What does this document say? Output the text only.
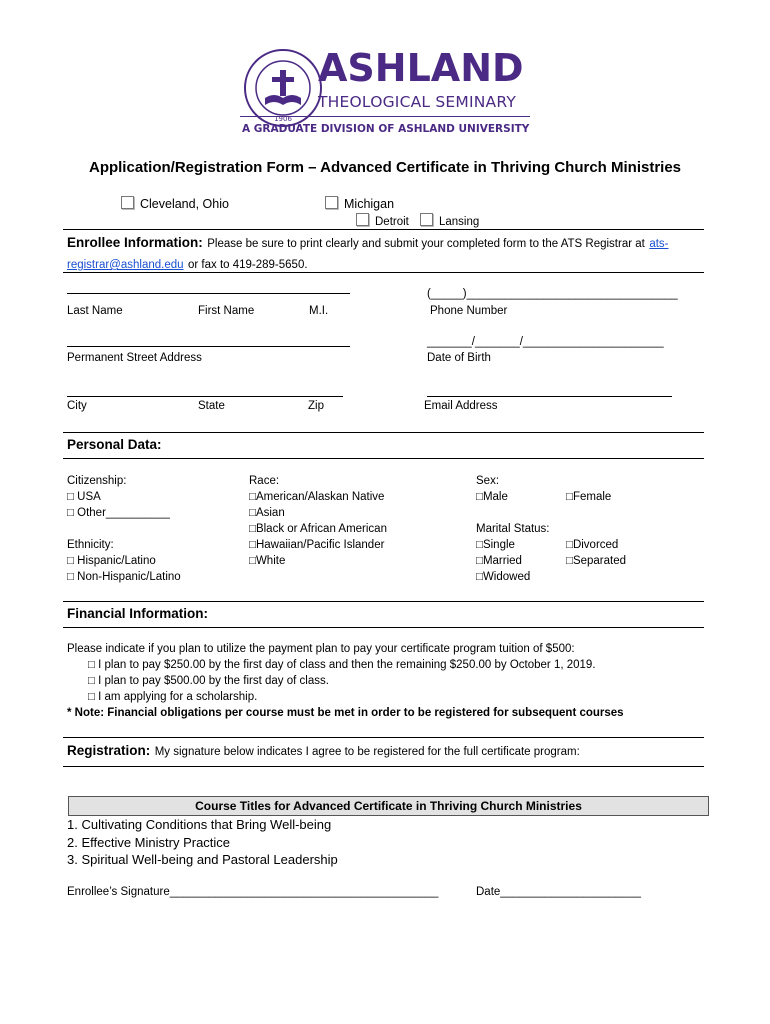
1906
ASHLAND
THEOLOGICAL SEMINARY
A GRADUATE DIVISION OF ASHLAND UNIVERSITY
Application/Registration Form – Advanced Certificate in Thriving Church Ministries
Cleveland, Ohio	Michigan
Detroit	Lansing
Enrollee Information: Please be sure to print clearly and submit your completed form to the ATS Registrar at ats-
registrar@ashland.edu or fax to 419-289-5650.
(_____)_________________________________
Last Name	First Name	M.I.	Phone Number
_______/_______/______________________
Permanent Street Address	Date of Birth
City	State	Zip	Email Address
Personal Data:
Citizenship:
□ USA
□ Other__________
Ethnicity:
□ Hispanic/Latino
□ Non-Hispanic/Latino
Race:
□American/Alaskan Native
□Asian
□Black or African American
□Hawaiian/Pacific Islander
□White
Sex:
□Male	□Female
Marital Status:
□Single	□Divorced
□Married	□Separated
□Widowed
Financial Information:
Please indicate if you plan to utilize the payment plan to pay your certificate program tuition of $500:
□ I plan to pay $250.00 by the first day of class and then the remaining $250.00 by October 1, 2019.
□ I plan to pay $500.00 by the first day of class.
□ I am applying for a scholarship.
* Note: Financial obligations per course must be met in order to be registered for subsequent courses
Registration: My signature below indicates I agree to be registered for the full certificate program:
Course Titles for Advanced Certificate in Thriving Church Ministries
1. Cultivating Conditions that Bring Well-being
2. Effective Ministry Practice
3. Spiritual Well-being and Pastoral Leadership
Enrollee’s Signature__________________________________________	Date______________________
